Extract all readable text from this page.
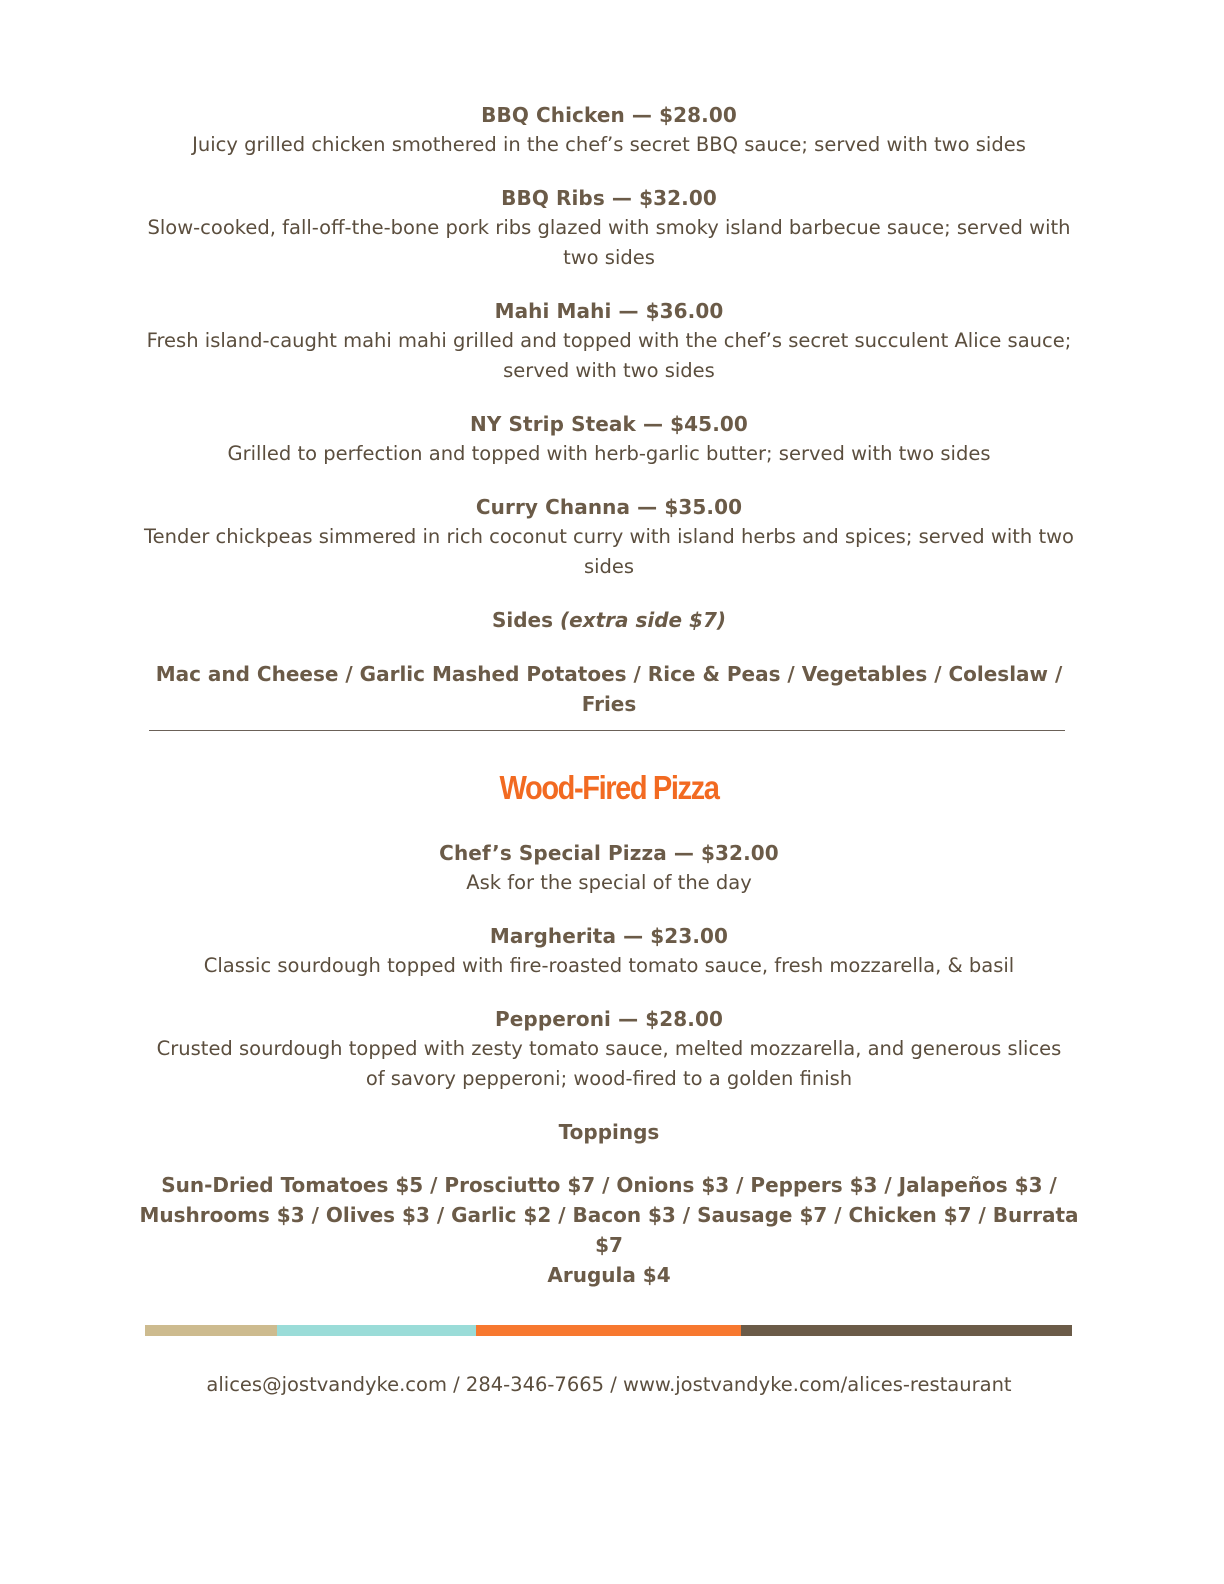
BBQ Chicken — $28.00
Juicy grilled chicken smothered in the chef’s secret BBQ sauce; served with two sides
BBQ Ribs — $32.00
Slow-cooked, fall-off-the-bone pork ribs glazed with smoky island barbecue sauce; served with two sides
Mahi Mahi — $36.00
Fresh island-caught mahi mahi grilled and topped with the chef’s secret succulent Alice sauce; served with two sides
NY Strip Steak — $45.00
Grilled to perfection and topped with herb-garlic butter; served with two sides
Curry Channa — $35.00
Tender chickpeas simmered in rich coconut curry with island herbs and spices; served with two sides
Sides (extra side $7)
Mac and Cheese / Garlic Mashed Potatoes / Rice & Peas / Vegetables / Coleslaw / Fries
Wood-Fired Pizza
Chef’s Special Pizza — $32.00
Ask for the special of the day
Margherita — $23.00
Classic sourdough topped with fire-roasted tomato sauce, fresh mozzarella, & basil
Pepperoni — $28.00
Crusted sourdough topped with zesty tomato sauce, melted mozzarella, and generous slices of savory pepperoni; wood-fired to a golden finish
Toppings
Sun-Dried Tomatoes $5 / Prosciutto $7 / Onions $3 / Peppers $3 / Jalapeños $3 /
Mushrooms $3 / Olives $3 / Garlic $2 / Bacon $3 / Sausage $7 / Chicken $7 / Burrata $7
Arugula $4
alices@jostvandyke.com / 284-346-7665 / www.jostvandyke.com/alices-restaurant
